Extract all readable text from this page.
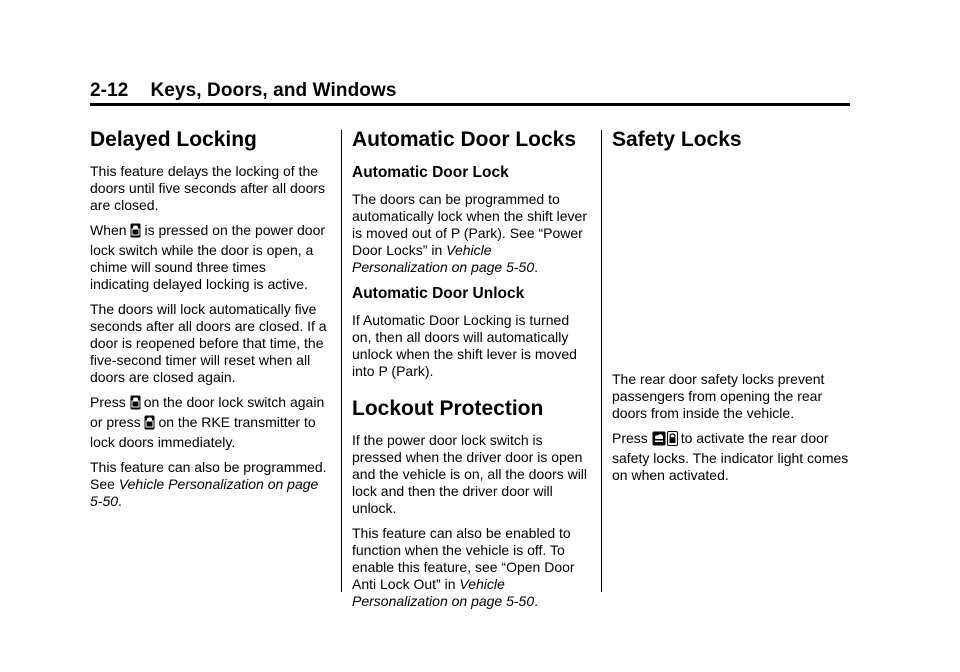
2-12 Keys, Doors, and Windows
Delayed Locking

This feature delays the locking of the doors until five seconds after all doors are closed.

When is pressed on the power door lock switch while the door is open, a chime will sound three times indicating delayed locking is active.

The doors will lock automatically five seconds after all doors are closed. If a door is reopened before that time, the five-second timer will reset when all doors are closed again.

Press on the door lock switch again or press on the RKE transmitter to lock doors immediately.

This feature can also be programmed. See Vehicle Personalization on page 5-50.

Automatic Door Locks
Automatic Door Lock

The doors can be programmed to automatically lock when the shift lever is moved out of P (Park). See “Power Door Locks” in Vehicle Personalization on page 5-50.

Automatic Door Unlock

If Automatic Door Locking is turned on, then all doors will automatically unlock when the shift lever is moved into P (Park).

Lockout Protection

If the power door lock switch is pressed when the driver door is open and the vehicle is on, all the doors will lock and then the driver door will unlock.

This feature can also be enabled to function when the vehicle is off. To enable this feature, see “Open Door Anti Lock Out” in Vehicle Personalization on page 5-50.

Safety Locks

The rear door safety locks prevent passengers from opening the rear doors from inside the vehicle.

Press to activate the rear door safety locks. The indicator light comes on when activated.
